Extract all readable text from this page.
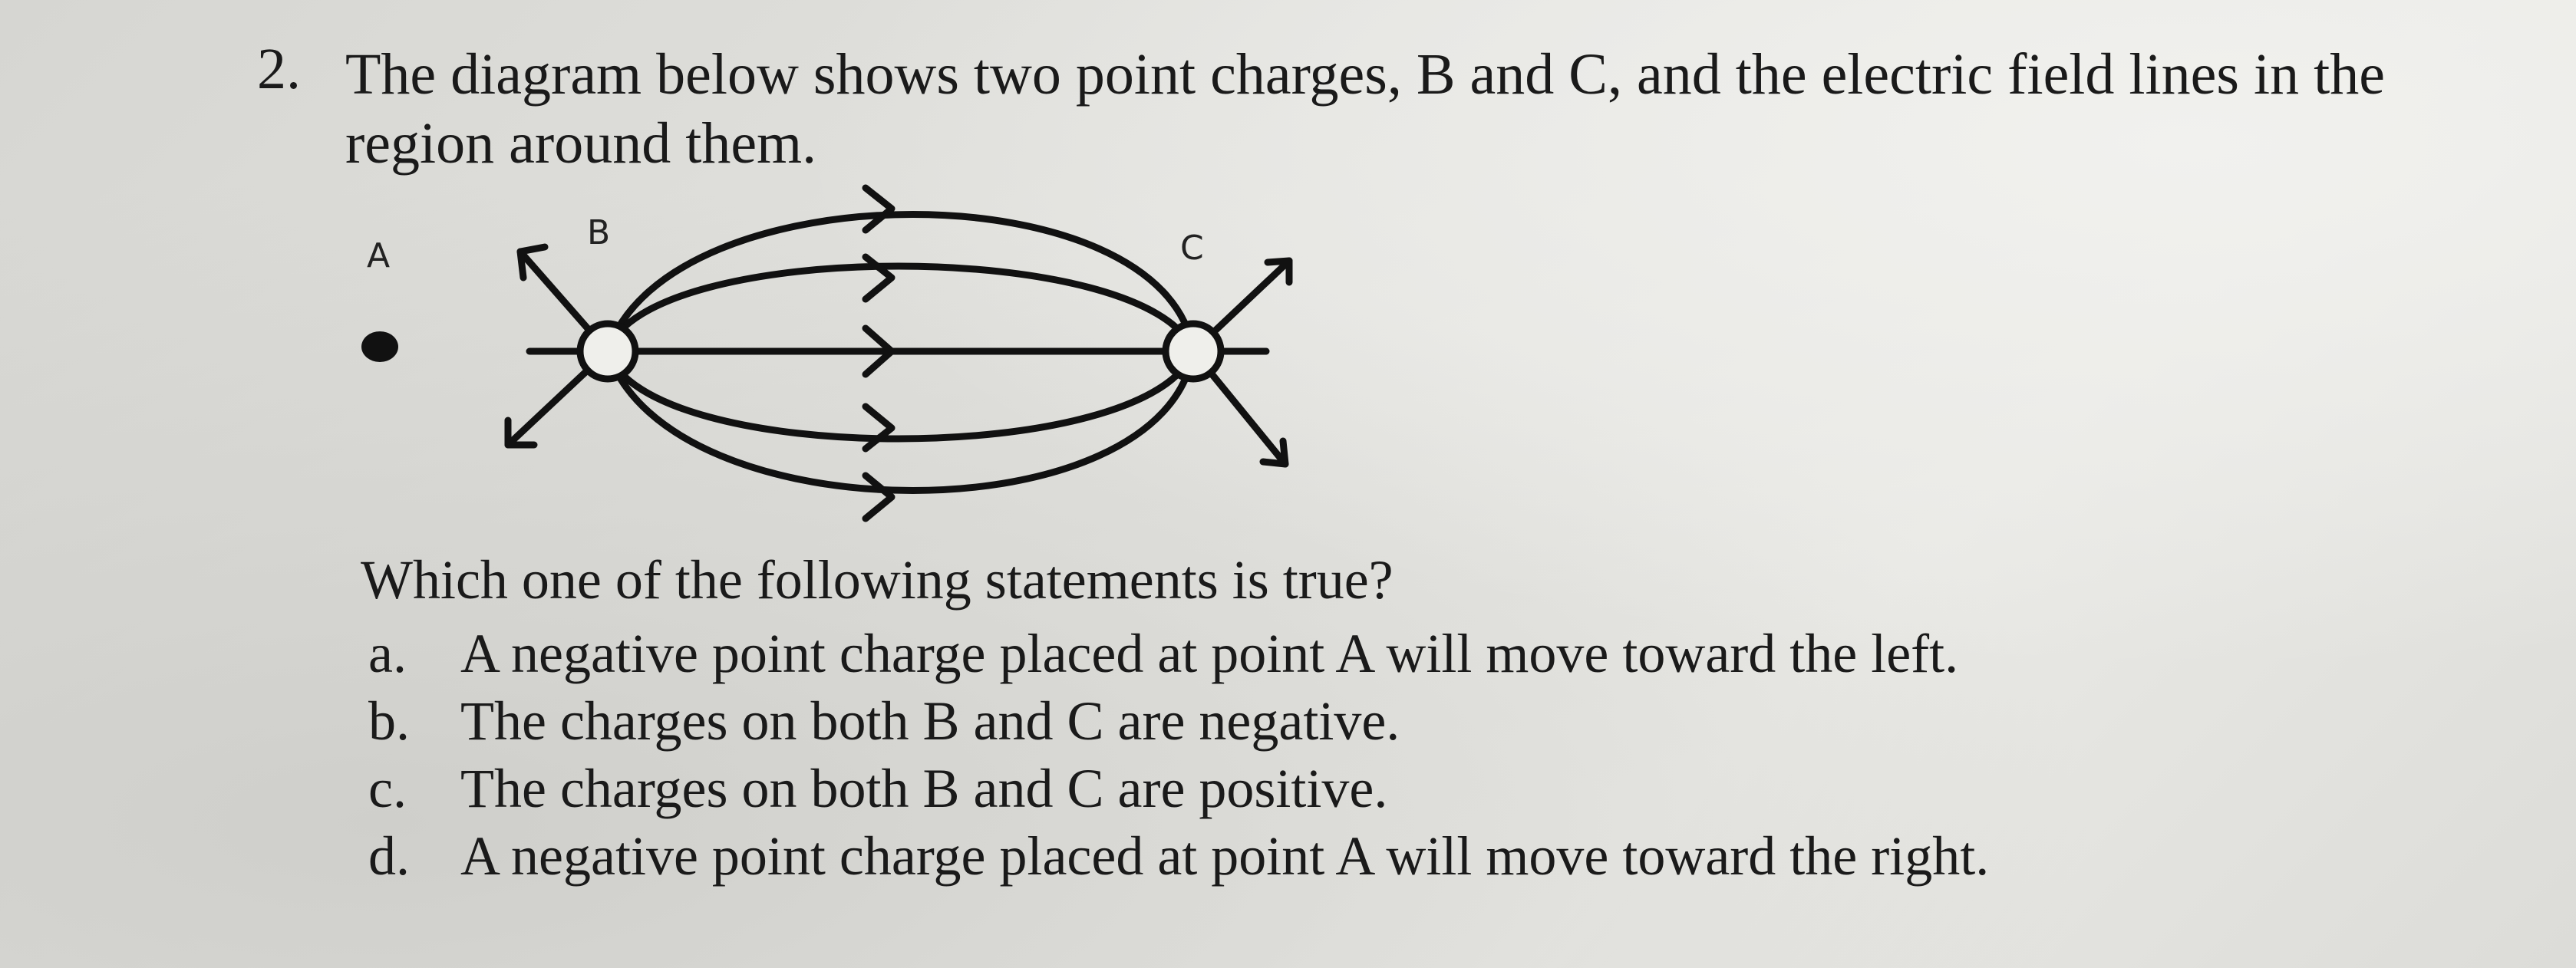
2. The diagram below shows two point charges, B and C, and the electric field lines in the region around them.
A
B	C
Which one of the following statements is true?
a. A negative point charge placed at point A will move toward the left.
b. The charges on both B and C are negative.
c. The charges on both B and C are positive.
d. A negative point charge placed at point A will move toward the right.
